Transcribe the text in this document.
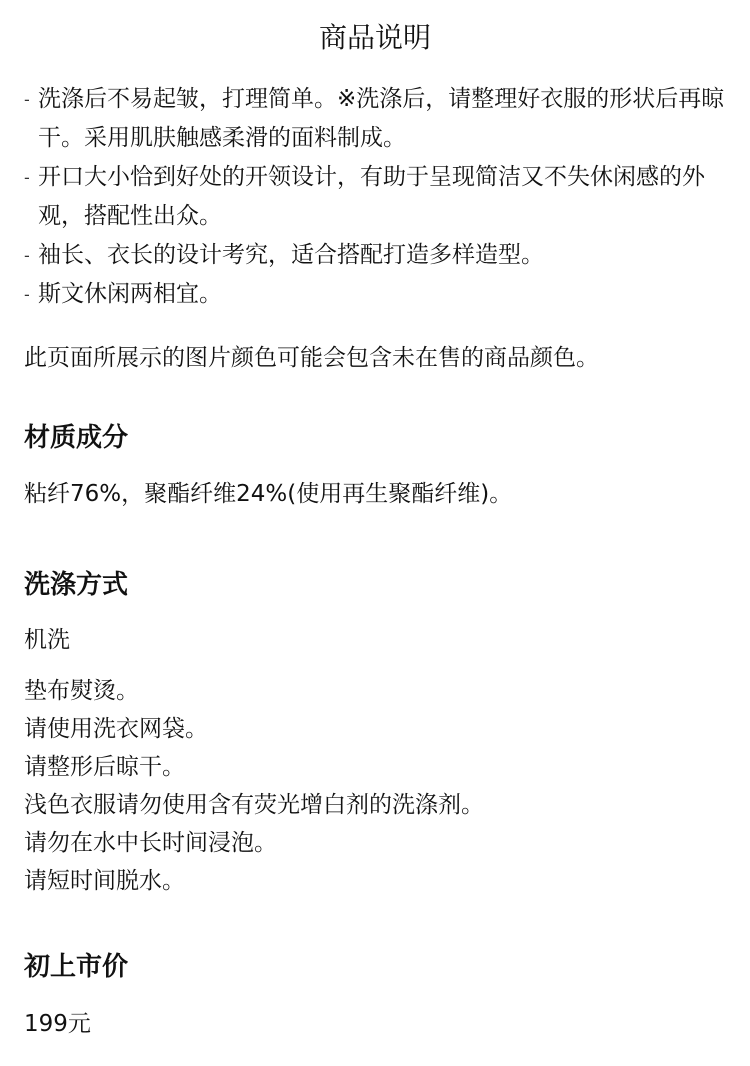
商品说明
- 洗涤后不易起皱，打理简单。※洗涤后，请整理好衣服的形状后再晾干。采用肌肤触感柔滑的面料制成。
- 开口大小恰到好处的开领设计，有助于呈现简洁又不失休闲感的外观，搭配性出众。
- 袖长、衣长的设计考究，适合搭配打造多样造型。
- 斯文休闲两相宜。
此页面所展示的图片颜色可能会包含未在售的商品颜色。
材质成分
粘纤76%，聚酯纤维24%(使用再生聚酯纤维)。
洗涤方式
机洗
垫布熨烫。
请使用洗衣网袋。
请整形后晾干。
浅色衣服请勿使用含有荧光增白剂的洗涤剂。
请勿在水中长时间浸泡。
请短时间脱水。
初上市价
199元
